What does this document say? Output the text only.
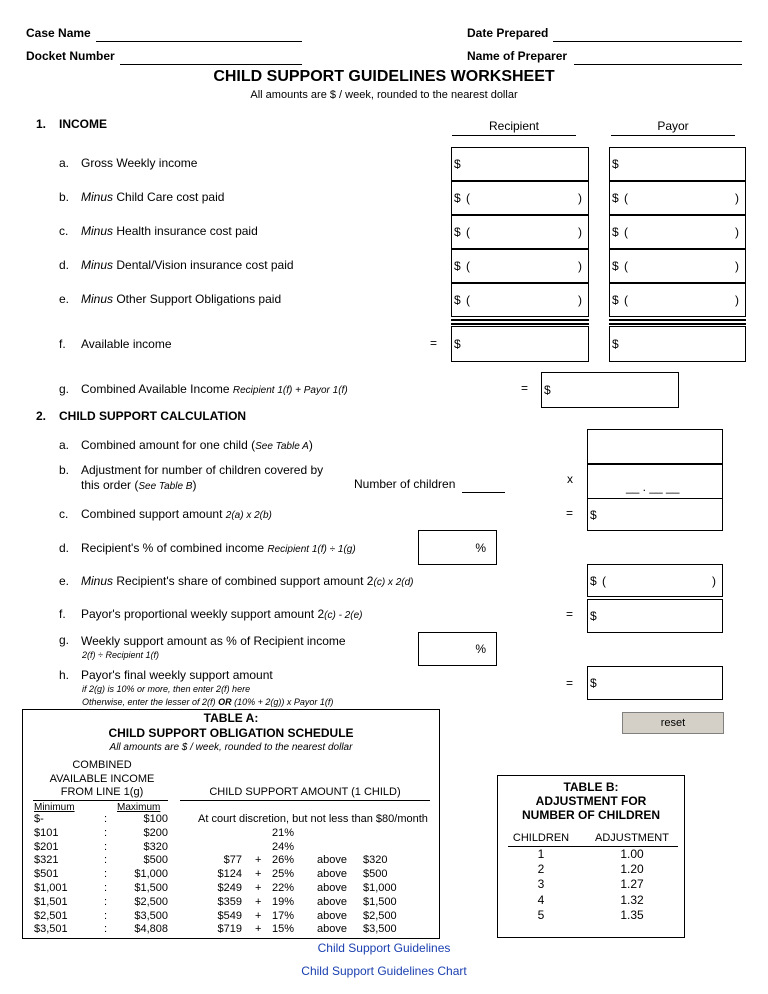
Case Name
Docket Number
Date Prepared
Name of Preparer
CHILD SUPPORT GUIDELINES WORKSHEET
All amounts are $ / week, rounded to the nearest dollar
1. INCOME	Recipient	Payor
a. Gross Weekly income	$	$
b. Minus Child Care cost paid	$ (	)	$ (	)
c. Minus Health insurance cost paid	$ (	)	$ (	)
d. Minus Dental/Vision insurance cost paid	$ (	)	$ (	)
e. Minus Other Support Obligations paid	$ (	)	$ (	)
f. Available income	= $	$
g. Combined Available Income Recipient 1(f) + Payor 1(f)	= $
2. CHILD SUPPORT CALCULATION
a. Combined amount for one child (See Table A)
b. Adjustment for number of children covered by
this order (See Table B)	Number of children	x
__ . __ __
c. Combined support amount 2(a) x 2(b)	= $
d. Recipient's % of combined income Recipient 1(f) ÷ 1(g)	%
e. Minus Recipient's share of combined support amount 2(c) x 2(d)	$ (	)
f. Payor's proportional weekly support amount 2(c) - 2(e)	= $
g. Weekly support amount as % of Recipient income
2(f) ÷ Recipient 1(f)	%
h. Payor's final weekly support amount
if 2(g) is 10% or more, then enter 2(f) here
Otherwise, enter the lesser of 2(f) OR (10% + 2(g)) x Payor 1(f)
= $
reset
TABLE A:
CHILD SUPPORT OBLIGATION SCHEDULE
All amounts are $ / week, rounded to the nearest dollar
COMBINED
AVAILABLE INCOME
FROM LINE 1(g)	CHILD SUPPORT AMOUNT (1 CHILD)
Minimum	Maximum
$-	:	$100	At court discretion, but not less than $80/month
$101	:	$200	21%
$201	:	$320	24%
$321	:	$500	$77 + 26% above $320
$501	:	$1,000	$124 + 25% above $500
$1,001	:	$1,500	$249 + 22% above $1,000
$1,501	:	$2,500	$359 + 19% above $1,500
$2,501	:	$3,500	$549 + 17% above $2,500
$3,501	:	$4,808	$719 + 15% above $3,500
TABLE B:
ADJUSTMENT FOR
NUMBER OF CHILDREN
CHILDREN	ADJUSTMENT
1	1.00
2	1.20
3	1.27
4	1.32
5	1.35
Child Support Guidelines
Child Support Guidelines Chart
